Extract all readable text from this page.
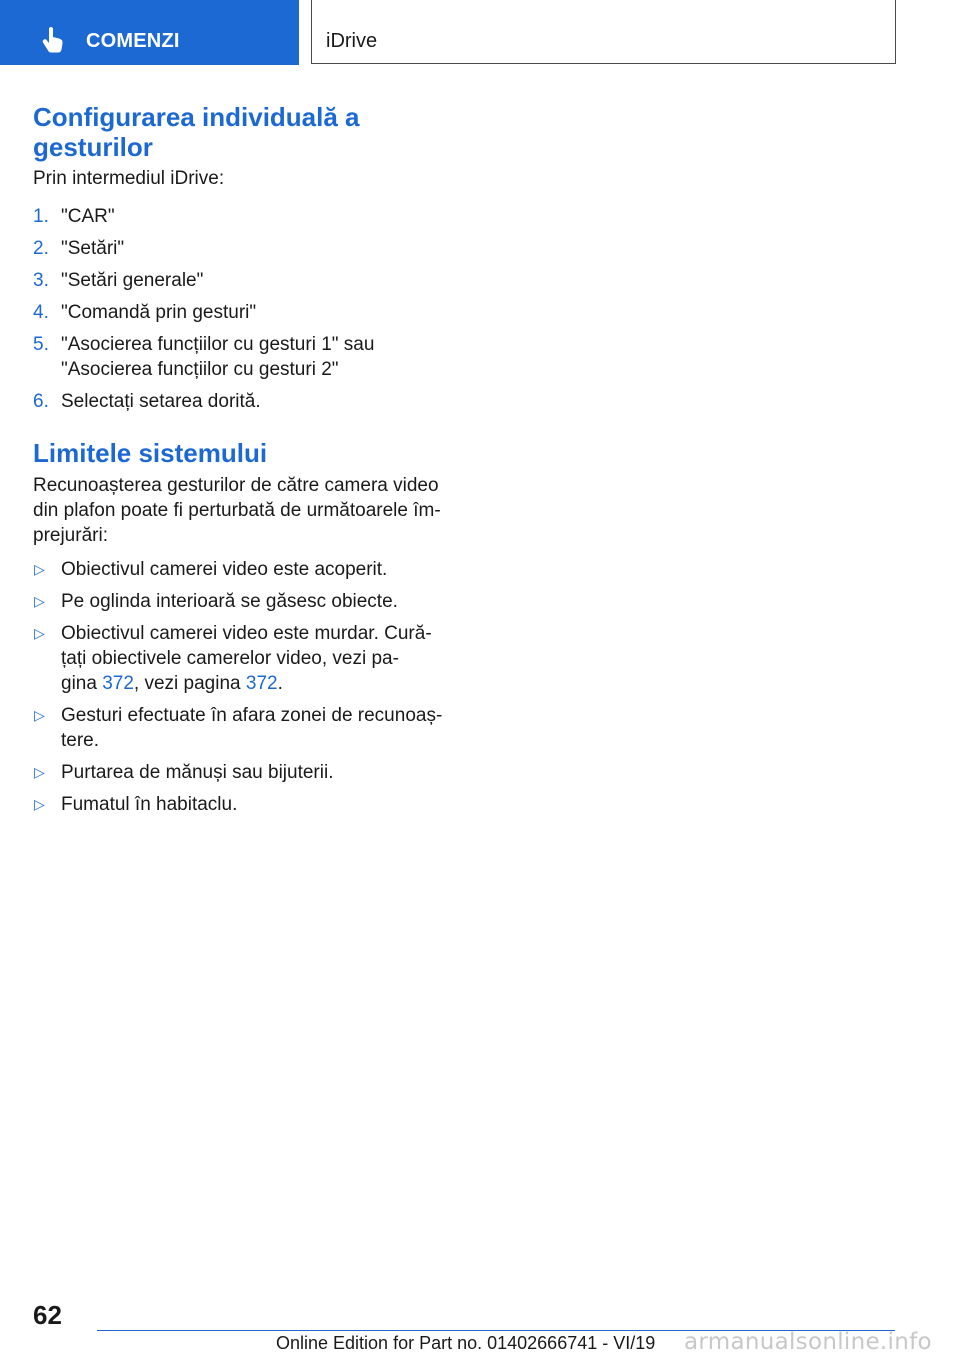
COMENZI	iDrive
Configurarea individuală a
gesturilor
Prin intermediul iDrive:
1. "CAR"
2. "Setări"
3. "Setări generale"
4. "Comandă prin gesturi"
5. "Asocierea funcțiilor cu gesturi 1" sau
"Asocierea funcțiilor cu gesturi 2"
6. Selectați setarea dorită.
Limitele sistemului
Recunoașterea gesturilor de către camera video
din plafon poate fi perturbată de următoarele îm-
prejurări:
▷ Obiectivul camerei video este acoperit.
▷ Pe oglinda interioară se găsesc obiecte.
▷ Obiectivul camerei video este murdar. Cură-
țați obiectivele camerelor video, vezi pa-
gina 372, vezi pagina 372.
▷ Gesturi efectuate în afara zonei de recunoaș-
tere.
▷ Purtarea de mănuși sau bijuterii.
▷ Fumatul în habitaclu.
62
Online Edition for Part no. 01402666741 - VI/19 armanualsonline.info
